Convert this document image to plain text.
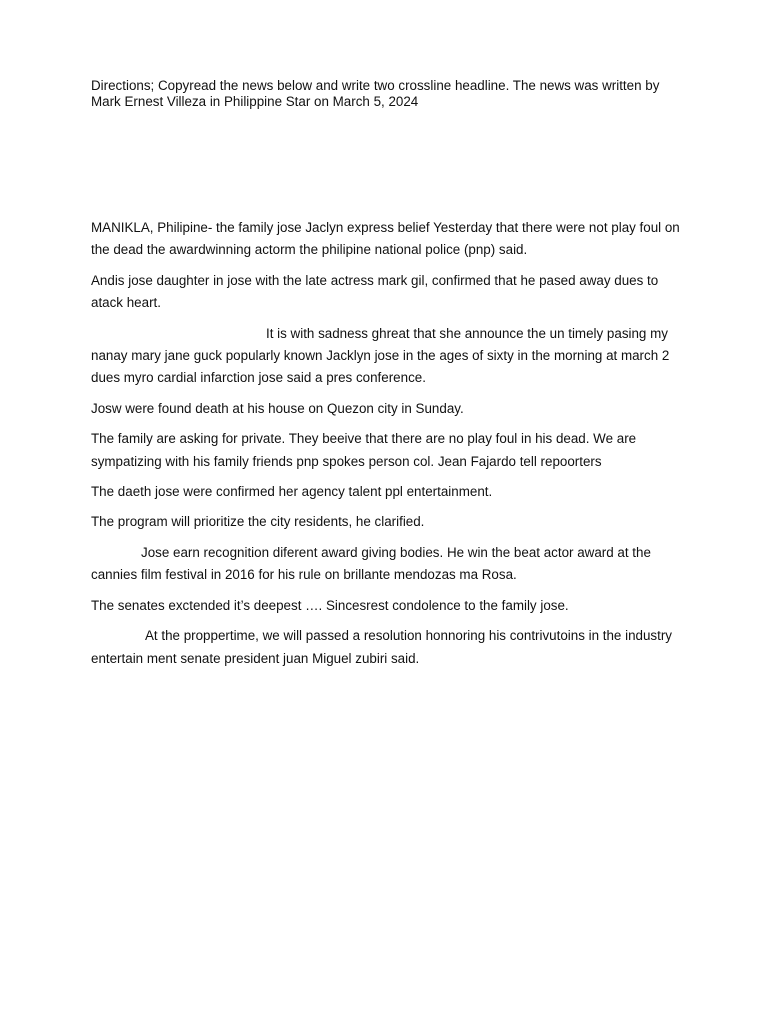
Directions; Copyread the news below and write two crossline headline. The news was written by Mark Ernest Villeza in Philippine Star on March 5, 2024

MANIKLA, Philipine- the family jose Jaclyn express belief Yesterday that there were not play foul on the dead the awardwinning actorm the philipine national police (pnp) said.

Andis jose daughter in jose with the late actress mark gil, confirmed that he pased away dues to atack heart.

It is with sadness ghreat that she announce the un timely pasing my nanay mary jane guck popularly known Jacklyn jose in the ages of sixty in the morning at march 2 dues myro cardial infarction jose said a pres conference.

Josw were found death at his house on Quezon city in Sunday.

The family are asking for private. They beeive that there are no play foul in his dead. We are sympatizing with his family friends pnp spokes person col. Jean Fajardo tell repoorters

The daeth jose were confirmed her agency talent ppl entertainment.

The program will prioritize the city residents, he clarified.

Jose earn recognition diferent award giving bodies. He win the beat actor award at the cannies film festival in 2016 for his rule on brillante mendozas ma Rosa.

The senates exctended it’s deepest …. Sincesrest condolence to the family jose.

At the proppertime, we will passed a resolution honnoring his contrivutoins in the industry entertain ment senate president juan Miguel zubiri said.
